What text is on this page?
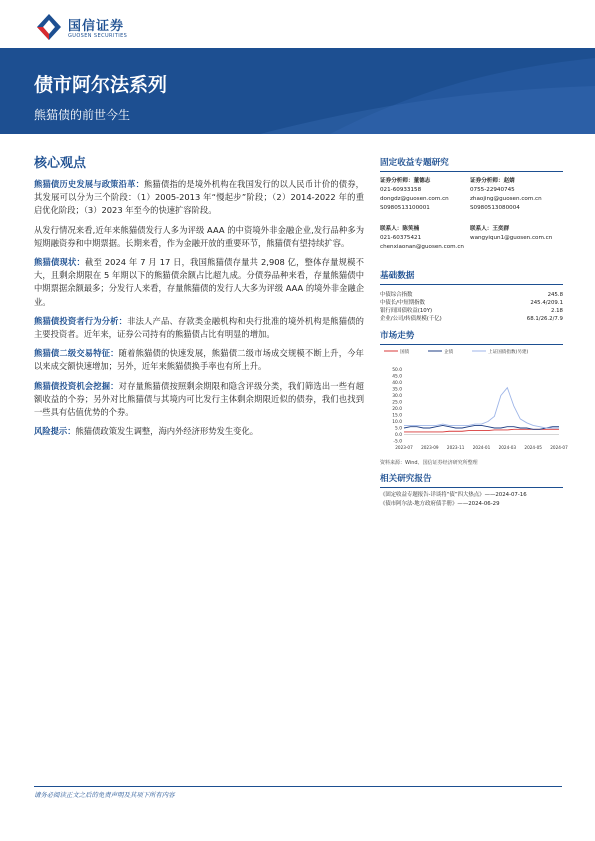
国信证券
GUOSEN SECURITIES
债市阿尔法系列
熊猫债的前世今生
核心观点

熊猫债历史发展与政策沿革：熊猫债指的是境外机构在我国发行的以人民币计价的债券，其发展可以分为三个阶段：（1）2005-2013 年“慢起步”阶段；（2）2014-2022 年的重启优化阶段；（3）2023 年至今的快速扩容阶段。

从发行情况来看,近年来熊猫债发行人多为评级 AAA 的中资境外非金融企业,发行品种多为短期融资券和中期票据。长期来看，作为金融开放的重要环节，熊猫债有望持续扩容。

熊猫债现状：截至 2024 年 7 月 17 日，我国熊猫债存量共 2,908 亿，整体存量规模不大，且剩余期限在 5 年期以下的熊猫债余额占比超九成。分债券品种来看，存量熊猫债中中期票据余额最多；分发行人来看，存量熊猫债的发行人大多为评级 AAA 的境外非金融企业。

熊猫债投资者行为分析：非法人产品、存款类金融机构和央行批准的境外机构是熊猫债的主要投资者。近年来，证券公司持有的熊猫债占比有明显的增加。

熊猫债二级交易特征：随着熊猫债的快速发展，熊猫债二级市场成交规模不断上升，今年以来成交额快速增加；另外，近年来熊猫债换手率也有所上升。

熊猫债投资机会挖掘：对存量熊猫债按照剩余期限和隐含评级分类，我们筛选出一些有超额收益的个券；另外对比熊猫债与其境内可比发行主体剩余期限近似的债券，我们也找到一些具有估值优势的个券。

风险提示：熊猫债政策发生调整，海内外经济形势发生变化。

固定收益专题研究
证券分析师：董德志
021-60933158
dongdz@guosen.com.cn
S0980513100001
证券分析师：赵婧
0755-22940745
zhaojing@guosen.com.cn
S0980513080004
联系人：陈笑楠
021-60375421
chenxiaonan@guosen.com.cn
联系人：王奕群
wangyiqun1@guosen.com.cn
基础数据
中债综合指数	245.8
中债长/中短期指数	245.4/209.1
银行间国债收益(10Y)	2.18
企业/公司/转债规模(千亿)	68.1/26.2/7.9
市场走势
国债	企债	上证国债指数(另建)
50.0
45.0
40.0
35.0
30.0
25.0
20.0
15.0
10.0
5.0
0.0
-5.0
2023-07 2023-09 2023-11 2024-01 2024-03 2024-05 2024-07
资料来源：Wind、国信证券经济研究所整理
相关研究报告
《固定收益专题报告-详谈将“债”四大热点》——2024-07-16
《债市阿尔法-地方政府债手册》——2024-06-29
请务必阅读正文之后的免责声明及其项下所有内容
